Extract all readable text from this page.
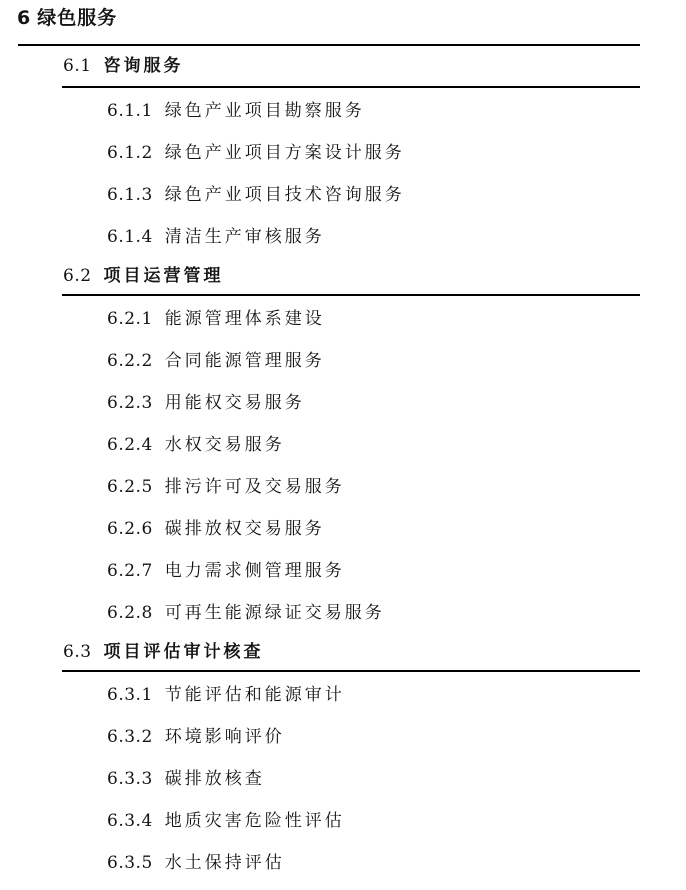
6 绿色服务
6.1 咨询服务
6.1.1 绿色产业项目勘察服务
6.1.2 绿色产业项目方案设计服务
6.1.3 绿色产业项目技术咨询服务
6.1.4 清洁生产审核服务
6.2 项目运营管理
6.2.1 能源管理体系建设
6.2.2 合同能源管理服务
6.2.3 用能权交易服务
6.2.4 水权交易服务
6.2.5 排污许可及交易服务
6.2.6 碳排放权交易服务
6.2.7 电力需求侧管理服务
6.2.8 可再生能源绿证交易服务
6.3 项目评估审计核查
6.3.1 节能评估和能源审计
6.3.2 环境影响评价
6.3.3 碳排放核查
6.3.4 地质灾害危险性评估
6.3.5 水土保持评估
